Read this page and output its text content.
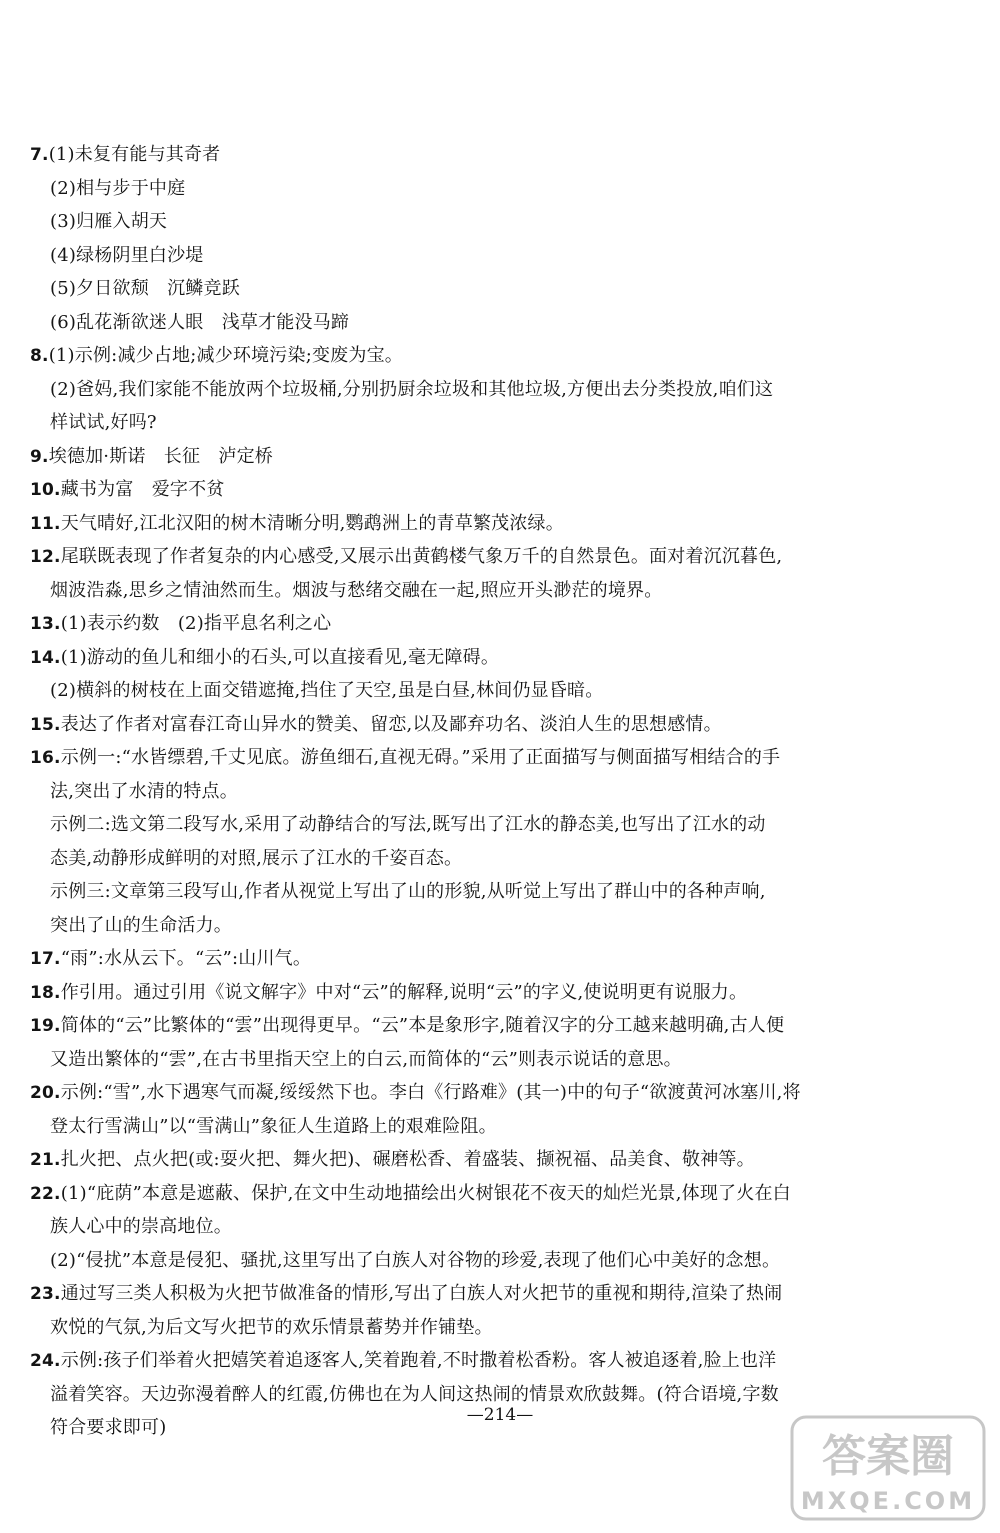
7.(1)未复有能与其奇者
(2)相与步于中庭
(3)归雁入胡天
(4)绿杨阴里白沙堤
(5)夕日欲颓　沉鳞竞跃
(6)乱花渐欲迷人眼　浅草才能没马蹄
8.(1)示例:减少占地;减少环境污染;变废为宝。
(2)爸妈,我们家能不能放两个垃圾桶,分别扔厨余垃圾和其他垃圾,方便出去分类投放,咱们这
样试试,好吗?
9.埃德加·斯诺　长征　泸定桥
10.藏书为富　爱字不贫
11.天气晴好,江北汉阳的树木清晰分明,鹦鹉洲上的青草繁茂浓绿。
12.尾联既表现了作者复杂的内心感受,又展示出黄鹤楼气象万千的自然景色。面对着沉沉暮色,
烟波浩淼,思乡之情油然而生。烟波与愁绪交融在一起,照应开头渺茫的境界。
13.(1)表示约数　(2)指平息名利之心
14.(1)游动的鱼儿和细小的石头,可以直接看见,毫无障碍。
(2)横斜的树枝在上面交错遮掩,挡住了天空,虽是白昼,林间仍显昏暗。
15.表达了作者对富春江奇山异水的赞美、留恋,以及鄙弃功名、淡泊人生的思想感情。
16.示例一:“水皆缥碧,千丈见底。游鱼细石,直视无碍。”采用了正面描写与侧面描写相结合的手
法,突出了水清的特点。
示例二:选文第二段写水,采用了动静结合的写法,既写出了江水的静态美,也写出了江水的动
态美,动静形成鲜明的对照,展示了江水的千姿百态。
示例三:文章第三段写山,作者从视觉上写出了山的形貌,从听觉上写出了群山中的各种声响,
突出了山的生命活力。
17.“雨”:水从云下。“云”:山川气。
18.作引用。通过引用《说文解字》中对“云”的解释,说明“云”的字义,使说明更有说服力。
19.简体的“云”比繁体的“雲”出现得更早。“云”本是象形字,随着汉字的分工越来越明确,古人便
又造出繁体的“雲”,在古书里指天空上的白云,而简体的“云”则表示说话的意思。
20.示例:“雪”,水下遇寒气而凝,绥绥然下也。李白《行路难》(其一)中的句子“欲渡黄河冰塞川,将
登太行雪满山”以“雪满山”象征人生道路上的艰难险阻。
21.扎火把、点火把(或:耍火把、舞火把)、碾磨松香、着盛装、撷祝福、品美食、敬神等。
22.(1)“庇荫”本意是遮蔽、保护,在文中生动地描绘出火树银花不夜天的灿烂光景,体现了火在白
族人心中的崇高地位。
(2)“侵扰”本意是侵犯、骚扰,这里写出了白族人对谷物的珍爱,表现了他们心中美好的念想。
23.通过写三类人积极为火把节做准备的情形,写出了白族人对火把节的重视和期待,渲染了热闹
欢悦的气氛,为后文写火把节的欢乐情景蓄势并作铺垫。
24.示例:孩子们举着火把嬉笑着追逐客人,笑着跑着,不时撒着松香粉。客人被追逐着,脸上也洋
溢着笑容。天边弥漫着醉人的红霞,仿佛也在为人间这热闹的情景欢欣鼓舞。(符合语境,字数
符合要求即可)
—214—
答案圈
MXQE.COM
